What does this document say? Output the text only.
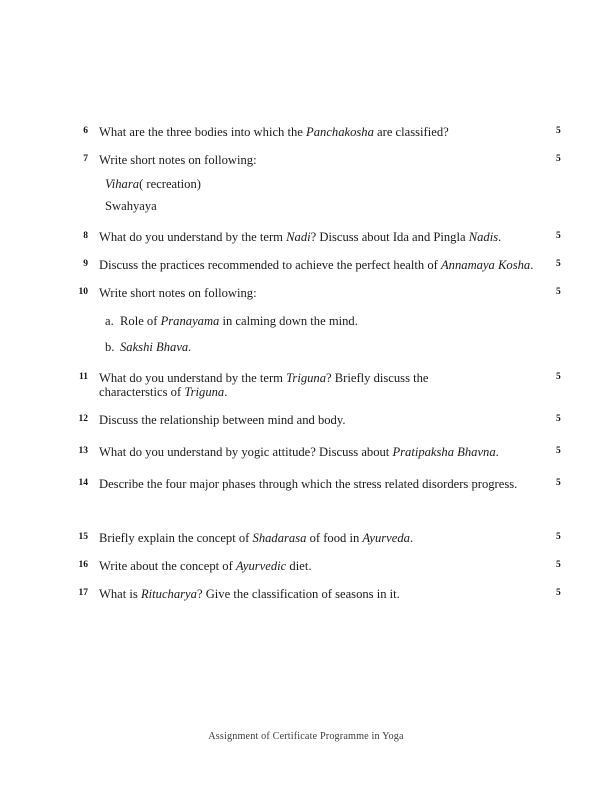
6	5
What are the three bodies into which the Panchakosha are classified?
7	5
Write short notes on following:
Vihara( recreation)
Swahyaya
8	5
What do you understand by the term Nadi? Discuss about Ida and Pingla Nadis.
9	5
Discuss the practices recommended to achieve the perfect health of Annamaya Kosha.
10	5
Write short notes on following:
a. Role of Pranayama in calming down the mind.
b. Sakshi Bhava.
11	5
What do you understand by the term Triguna? Briefly discuss the characterstics of Triguna.
12	5
Discuss the relationship between mind and body.
13	5
What do you understand by yogic attitude? Discuss about Pratipaksha Bhavna.
14	5
Describe the four major phases through which the stress related disorders progress.
15	5
Briefly explain the concept of Shadarasa of food in Ayurveda.
16	5
Write about the concept of Ayurvedic diet.
17	5
What is Ritucharya? Give the classification of seasons in it.
Assignment of Certificate Programme in Yoga
